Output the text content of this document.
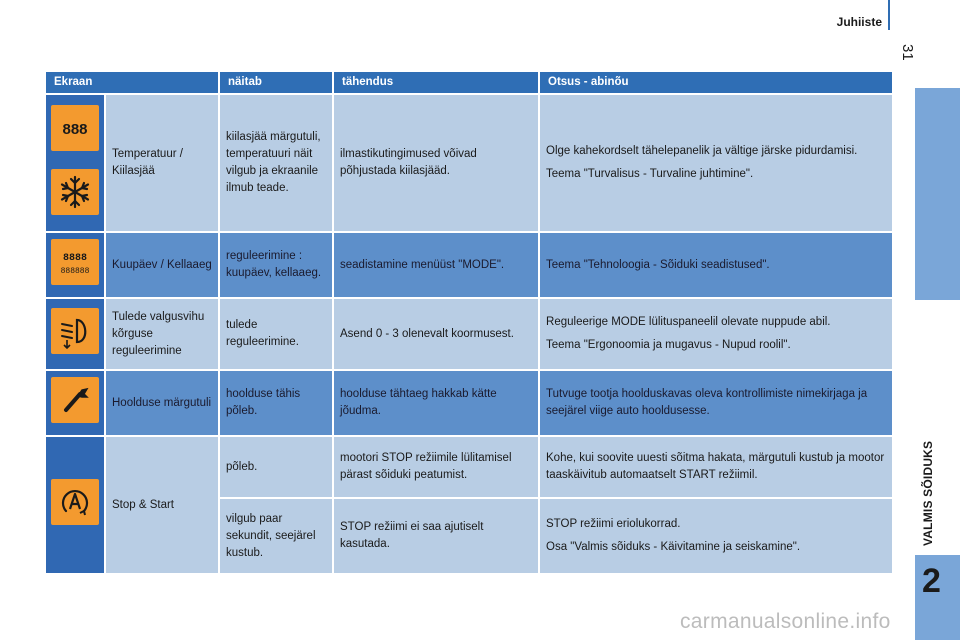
Juhiiste
31
VALMIS SÕIDUKS
2
Ekraan		näitab	tähendus	Otsus - abinõu

888	Temperatuur / Kiilasjää	kiilasjää märgutuli, temperatuuri näit vilgub ja ekraanile ilmub teade.	ilmastikutingimused võivad põhjustada kiilasjääd.	Olge kahekordselt tähelepanelik ja vältige järske pidurdamisi.

Teema "Turvalisus - Turvaline juhtimine".

8888
888888	Kuupäev / Kellaaeg	reguleerimine : kuupäev, kellaaeg.	seadistamine menüüst "MODE".	Teema "Tehnoloogia - Sõiduki seadistused".

	Tulede valgusvihu kõrguse reguleerimine	tulede reguleerimine.	Asend 0 - 3 olenevalt koormusest.	Reguleerige MODE lülituspaneelil olevate nuppude abil.

Teema "Ergonoomia ja mugavus - Nupud roolil".

	Hoolduse märgutuli	hoolduse tähis põleb.	hoolduse tähtaeg hakkab kätte jõudma.	Tutvuge tootja hoolduskavas oleva kontrollimiste nimekirjaga ja seejärel viige auto hooldusesse.

	Stop & Start	põleb.	mootori STOP režiimile lülitamisel pärast sõiduki peatumist.	Kohe, kui soovite uuesti sõitma hakata, märgutuli kustub ja mootor taaskäivitub automaatselt START režiimil.

		vilgub paar sekundit, seejärel kustub.	STOP režiimi ei saa ajutiselt kasutada.	STOP režiimi eriolukorrad.

Osa "Valmis sõiduks - Käivitamine ja seiskamine".

carmanualsonline.info
